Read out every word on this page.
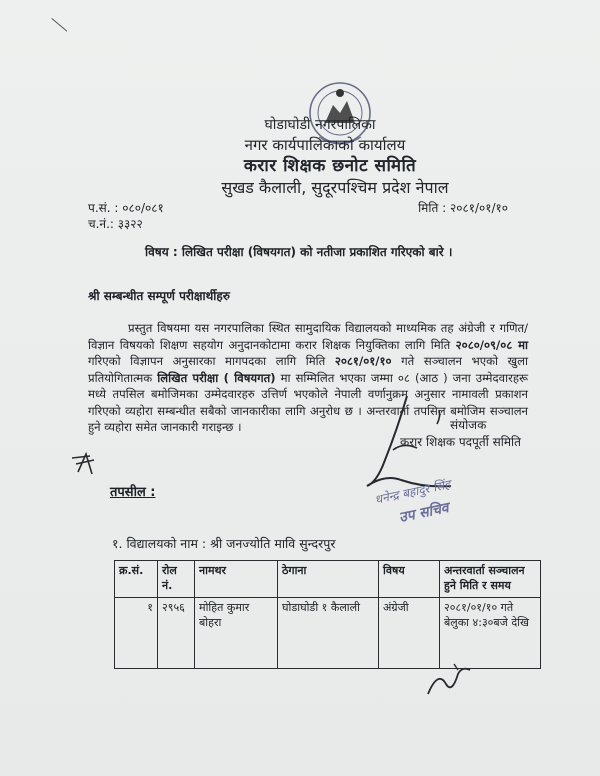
घोडाघोडी नगरपालिका
नगर कार्यपालिकाको कार्यालय
करार शिक्षक छनोट समिति
सुखड कैलाली, सुदूरपश्चिम प्रदेश नेपाल
प.सं. : ०८०/०८१
च.नं.: ३३२२
मिति : २०८१/०१/१०
विषय : लिखित परीक्षा (विषयगत) को नतीजा प्रकाशित गरिएको बारे ।
श्री सम्बन्धीत सम्पूर्ण परीक्षार्थीहरु
प्रस्तुत विषयमा यस नगरपालिका स्थित सामुदायिक विद्यालयको माध्यमिक तह अंग्रेजी र गणित/विज्ञान विषयको शिक्षण सहयोग अनुदानकोटामा करार शिक्षक नियुक्तिका लागि मिति २०८०/०९/०८ मा गरिएको विज्ञापन अनुसारका मागपदका लागि मिति २०८१/०१/१० गते सञ्चालन भएको खुला प्रतियोगितात्मक लिखित परीक्षा ( विषयगत) मा सम्मिलित भएका जम्मा ०८ (आठ ) जना उम्मेदवारहरू मध्ये तपसिल बमोजिमका उम्मेदवारहरु उत्तिर्ण भएकोले नेपाली वर्णानुक्रम अनुसार नामावली प्रकाशन गरिएको व्यहोरा सम्बन्धीत सबैको जानकारीका लागि अनुरोध छ । अन्तरवार्ता तपसिल बमोजिम सञ्चालन हुने व्यहोरा समेत जानकारी गराइन्छ ।	संयोजक
करार शिक्षक पदपूर्ती समिति
धनेन्द्र बहादुर सिंह
उप सचिव
तपसील :
१. विद्यालयको नाम : श्री जनज्योति मावि सुन्दरपुर
क्र.सं.	रोल नं.	नामथर	ठेगाना	विषय	अन्तरवार्ता सञ्चालन हुने मिति र समय
१	२९५६	मोहित कुमार बोहरा	घोडाघोडी १ कैलाली	अंग्रेजी	२०८१/०१/१० गते बेलुका ४:३०बजे देखि
